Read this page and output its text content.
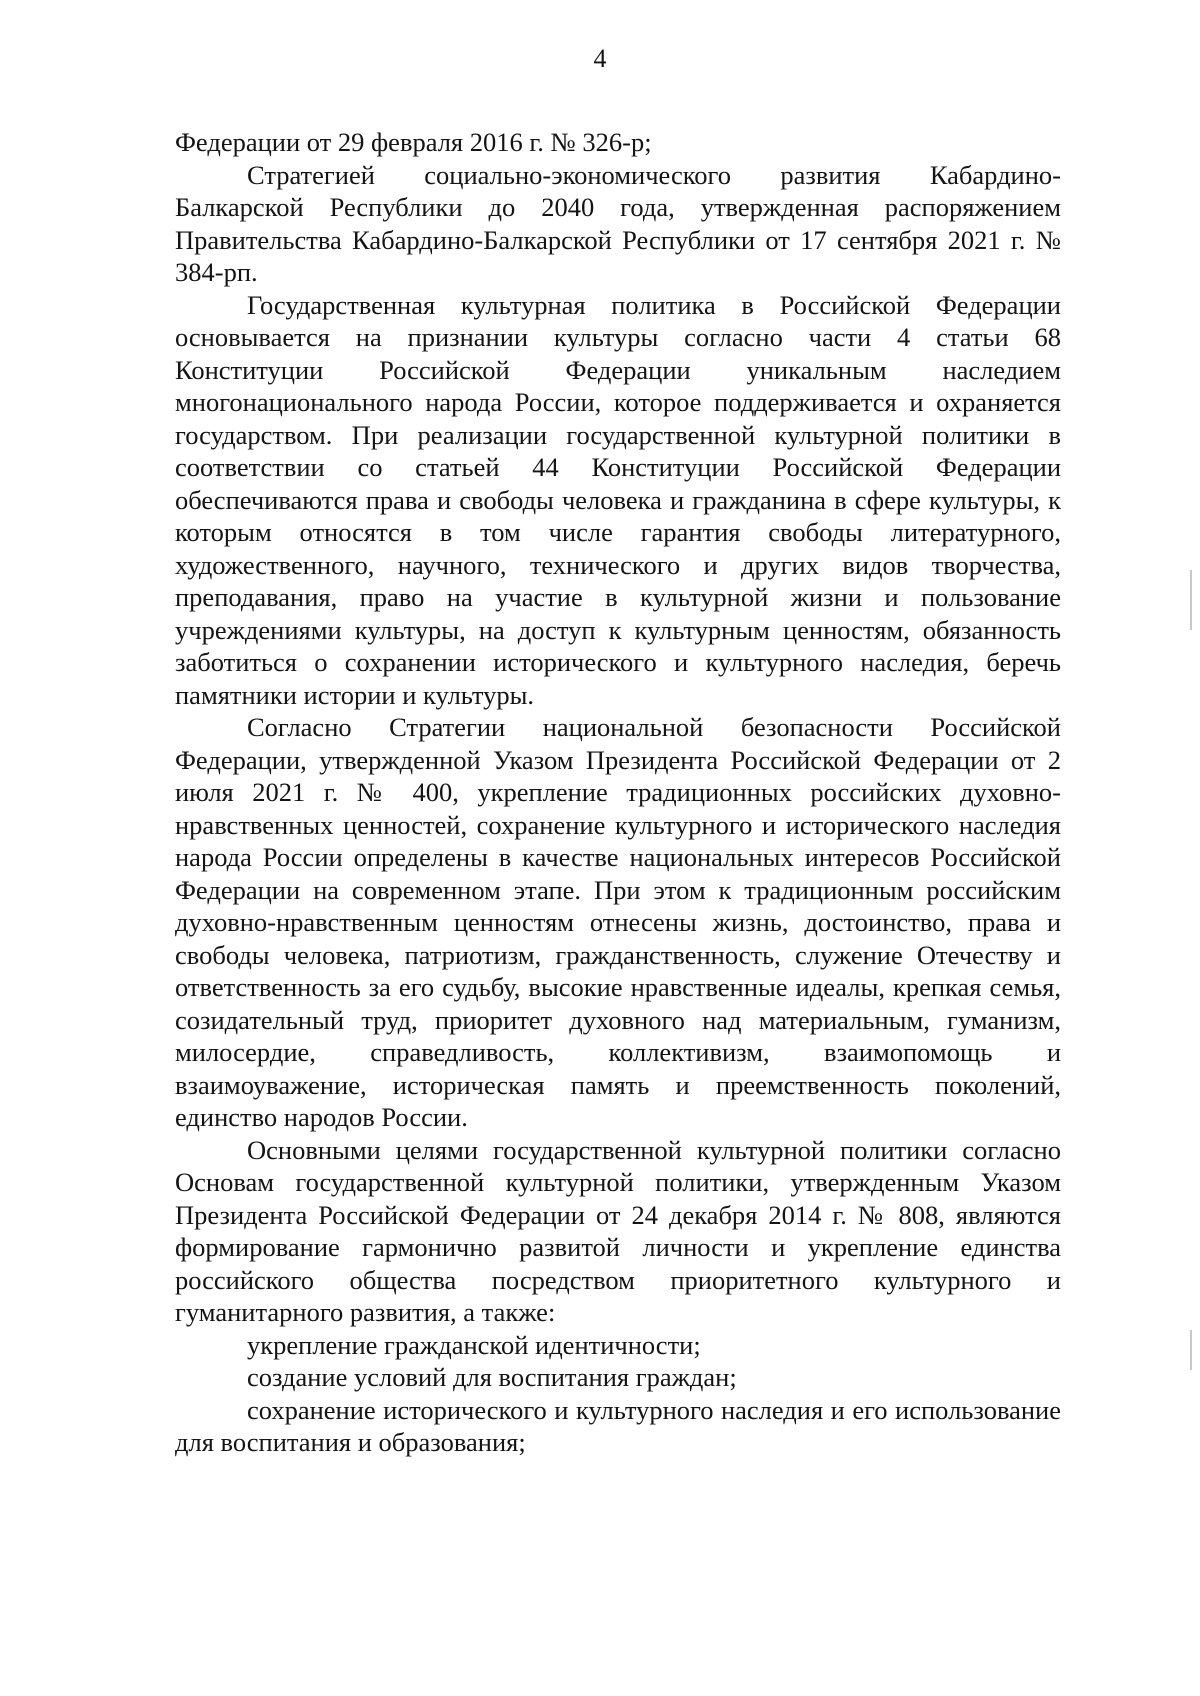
4

Федерации от 29 февраля 2016 г. № 326-р;

Стратегией социально-экономического развития Кабардино-Балкарской Республики до 2040 года, утвержденная распоряжением Правительства Кабардино-Балкарской Республики от 17 сентября 2021 г. № 384-рп.

Государственная культурная политика в Российской Федерации основывается на признании культуры согласно части 4 статьи 68 Конституции Российской Федерации уникальным наследием многонационального народа России, которое поддерживается и охраняется государством. При реализации государственной культурной политики в соответствии со статьей 44 Конституции Российской Федерации обеспечиваются права и свободы человека и гражданина в сфере культуры, к которым относятся в том числе гарантия свободы литературного, художественного, научного, технического и других видов творчества, преподавания, право на участие в культурной жизни и пользование учреждениями культуры, на доступ к культурным ценностям, обязанность заботиться о сохранении исторического и культурного наследия, беречь памятники истории и культуры.

Согласно Стратегии национальной безопасности Российской Федерации, утвержденной Указом Президента Российской Федерации от 2 июля 2021 г. № 400, укрепление традиционных российских духовно-нравственных ценностей, сохранение культурного и исторического наследия народа России определены в качестве национальных интересов Российской Федерации на современном этапе. При этом к традиционным российским духовно-нравственным ценностям отнесены жизнь, достоинство, права и свободы человека, патриотизм, гражданственность, служение Отечеству и ответственность за его судьбу, высокие нравственные идеалы, крепкая семья, созидательный труд, приоритет духовного над материальным, гуманизм, милосердие, справедливость, коллективизм, взаимопомощь и взаимоуважение, историческая память и преемственность поколений, единство народов России.

Основными целями государственной культурной политики согласно Основам государственной культурной политики, утвержденным Указом Президента Российской Федерации от 24 декабря 2014 г. № 808, являются формирование гармонично развитой личности и укрепление единства российского общества посредством приоритетного культурного и гуманитарного развития, а также:

укрепление гражданской идентичности;

создание условий для воспитания граждан;

сохранение исторического и культурного наследия и его использование для воспитания и образования;
